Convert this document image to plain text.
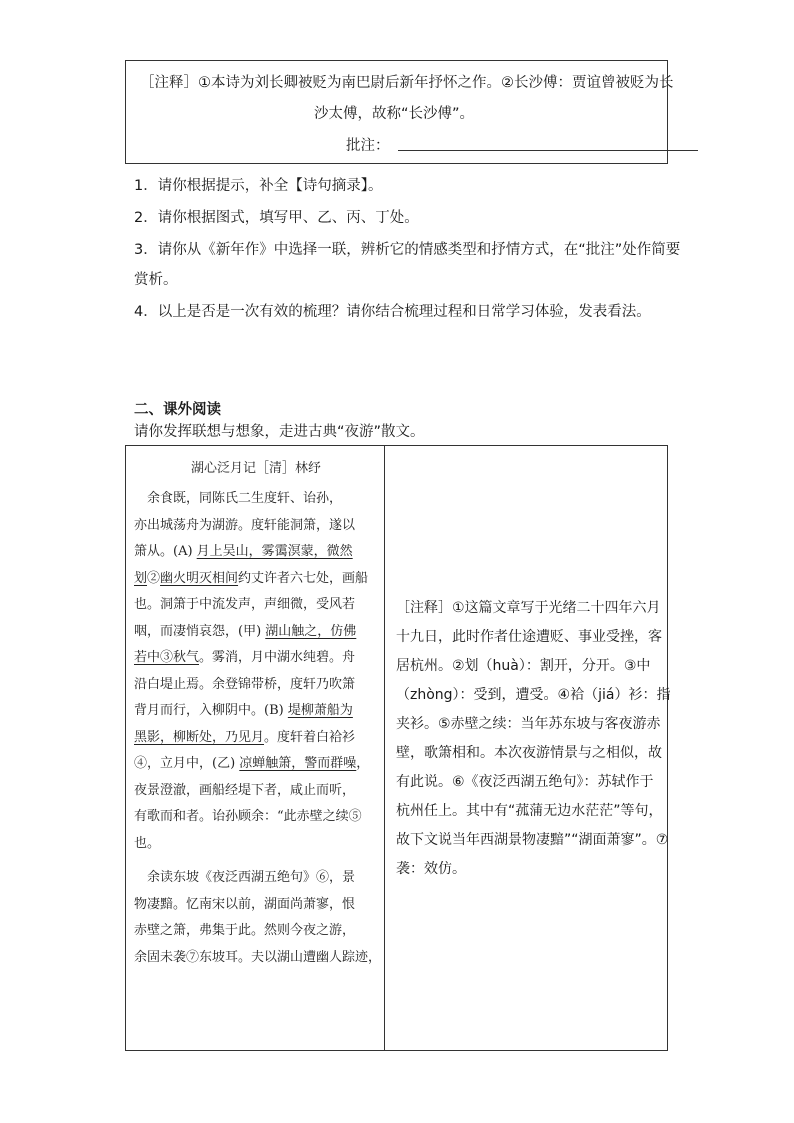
［注释］①本诗为刘长卿被贬为南巴尉后新年抒怀之作。②长沙傅：贾谊曾被贬为长
沙太傅，故称“长沙傅”。
批注：
1．请你根据提示，补全【诗句摘录】。
2．请你根据图式，填写甲、乙、丙、丁处。
3．请你从《新年作》中选择一联，辨析它的情感类型和抒情方式，在“批注”处作简要
赏析。
4．以上是否是一次有效的梳理？请你结合梳理过程和日常学习体验，发表看法。
二、课外阅读
请你发挥联想与想象，走进古典“夜游”散文。
湖心泛月记［清］林纾
　余食既，同陈氏二生度轩、诒孙，
亦出城荡舟为湖游。度轩能洞箫，遂以
箫从。(A) 月上吴山，雾霭溟蒙，微然
划②幽火明灭相间约丈许者六七处，画船
也。洞箫于中流发声，声细微，受风若
咽，而凄悄哀怨，(甲) 湖山触之，仿佛
若中③秋气。雾消，月中湖水纯碧。舟
沿白堤止焉。余登锦带桥，度轩乃吹箫
背月而行，入柳阴中。(B) 堤柳萧船为
黑影，柳断处，乃见月。度轩着白袷衫
④，立月中，(乙) 凉蝉触箫，警而群噪，
夜景澄澈，画船经堤下者，咸止而听，
有歌而和者。诒孙顾余：“此赤壁之续⑤
也。
　余读东坡《夜泛西湖五绝句》⑥，景
物凄黯。忆南宋以前，湖面尚萧寥，恨
赤壁之箫，弗集于此。然则今夜之游，
余固未袭⑦东坡耳。夫以湖山遭幽人踪迹，
［注释］①这篇文章写于光绪二十四年六月
十九日，此时作者仕途遭贬、事业受挫，客
居杭州。②划（huà）：割开，分开。③中
（zhòng）：受到，遭受。④袷（jiá）衫：指
夹衫。⑤赤壁之续：当年苏东坡与客夜游赤
壁，歌箫相和。本次夜游情景与之相似，故
有此说。⑥《夜泛西湖五绝句》：苏轼作于
杭州任上。其中有“菰蒲无边水茫茫”等句，
故下文说当年西湖景物凄黯”“湖面萧寥”。⑦
袭：效仿。
